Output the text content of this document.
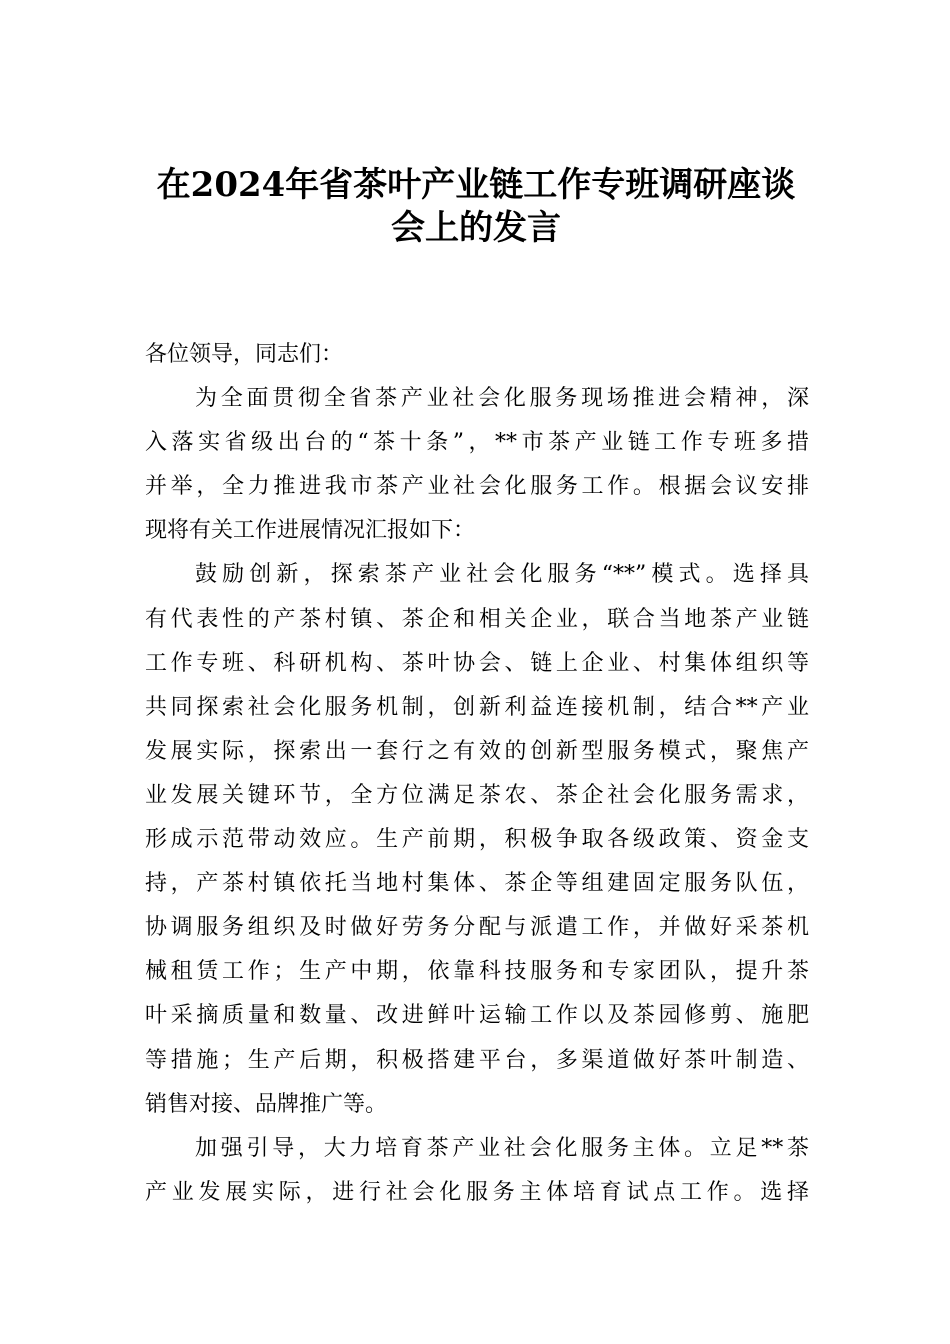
在2024年省茶叶产业链工作专班调研座谈
会上的发言
各位领导，同志们：
为全面贯彻全省茶产业社会化服务现场推进会精神，深
入落实省级出台的“茶十条”，**市茶产业链工作专班多措
并举，全力推进我市茶产业社会化服务工作。根据会议安排
现将有关工作进展情况汇报如下：
鼓励创新，探索茶产业社会化服务“**”模式。选择具
有代表性的产茶村镇、茶企和相关企业，联合当地茶产业链
工作专班、科研机构、茶叶协会、链上企业、村集体组织等
共同探索社会化服务机制，创新利益连接机制，结合**产业
发展实际，探索出一套行之有效的创新型服务模式，聚焦产
业发展关键环节，全方位满足茶农、茶企社会化服务需求，
形成示范带动效应。生产前期，积极争取各级政策、资金支
持，产茶村镇依托当地村集体、茶企等组建固定服务队伍，
协调服务组织及时做好劳务分配与派遣工作，并做好采茶机
械租赁工作；生产中期，依靠科技服务和专家团队，提升茶
叶采摘质量和数量、改进鲜叶运输工作以及茶园修剪、施肥
等措施；生产后期，积极搭建平台，多渠道做好茶叶制造、
销售对接、品牌推广等。
加强引导，大力培育茶产业社会化服务主体。立足**茶
产业发展实际，进行社会化服务主体培育试点工作。选择
